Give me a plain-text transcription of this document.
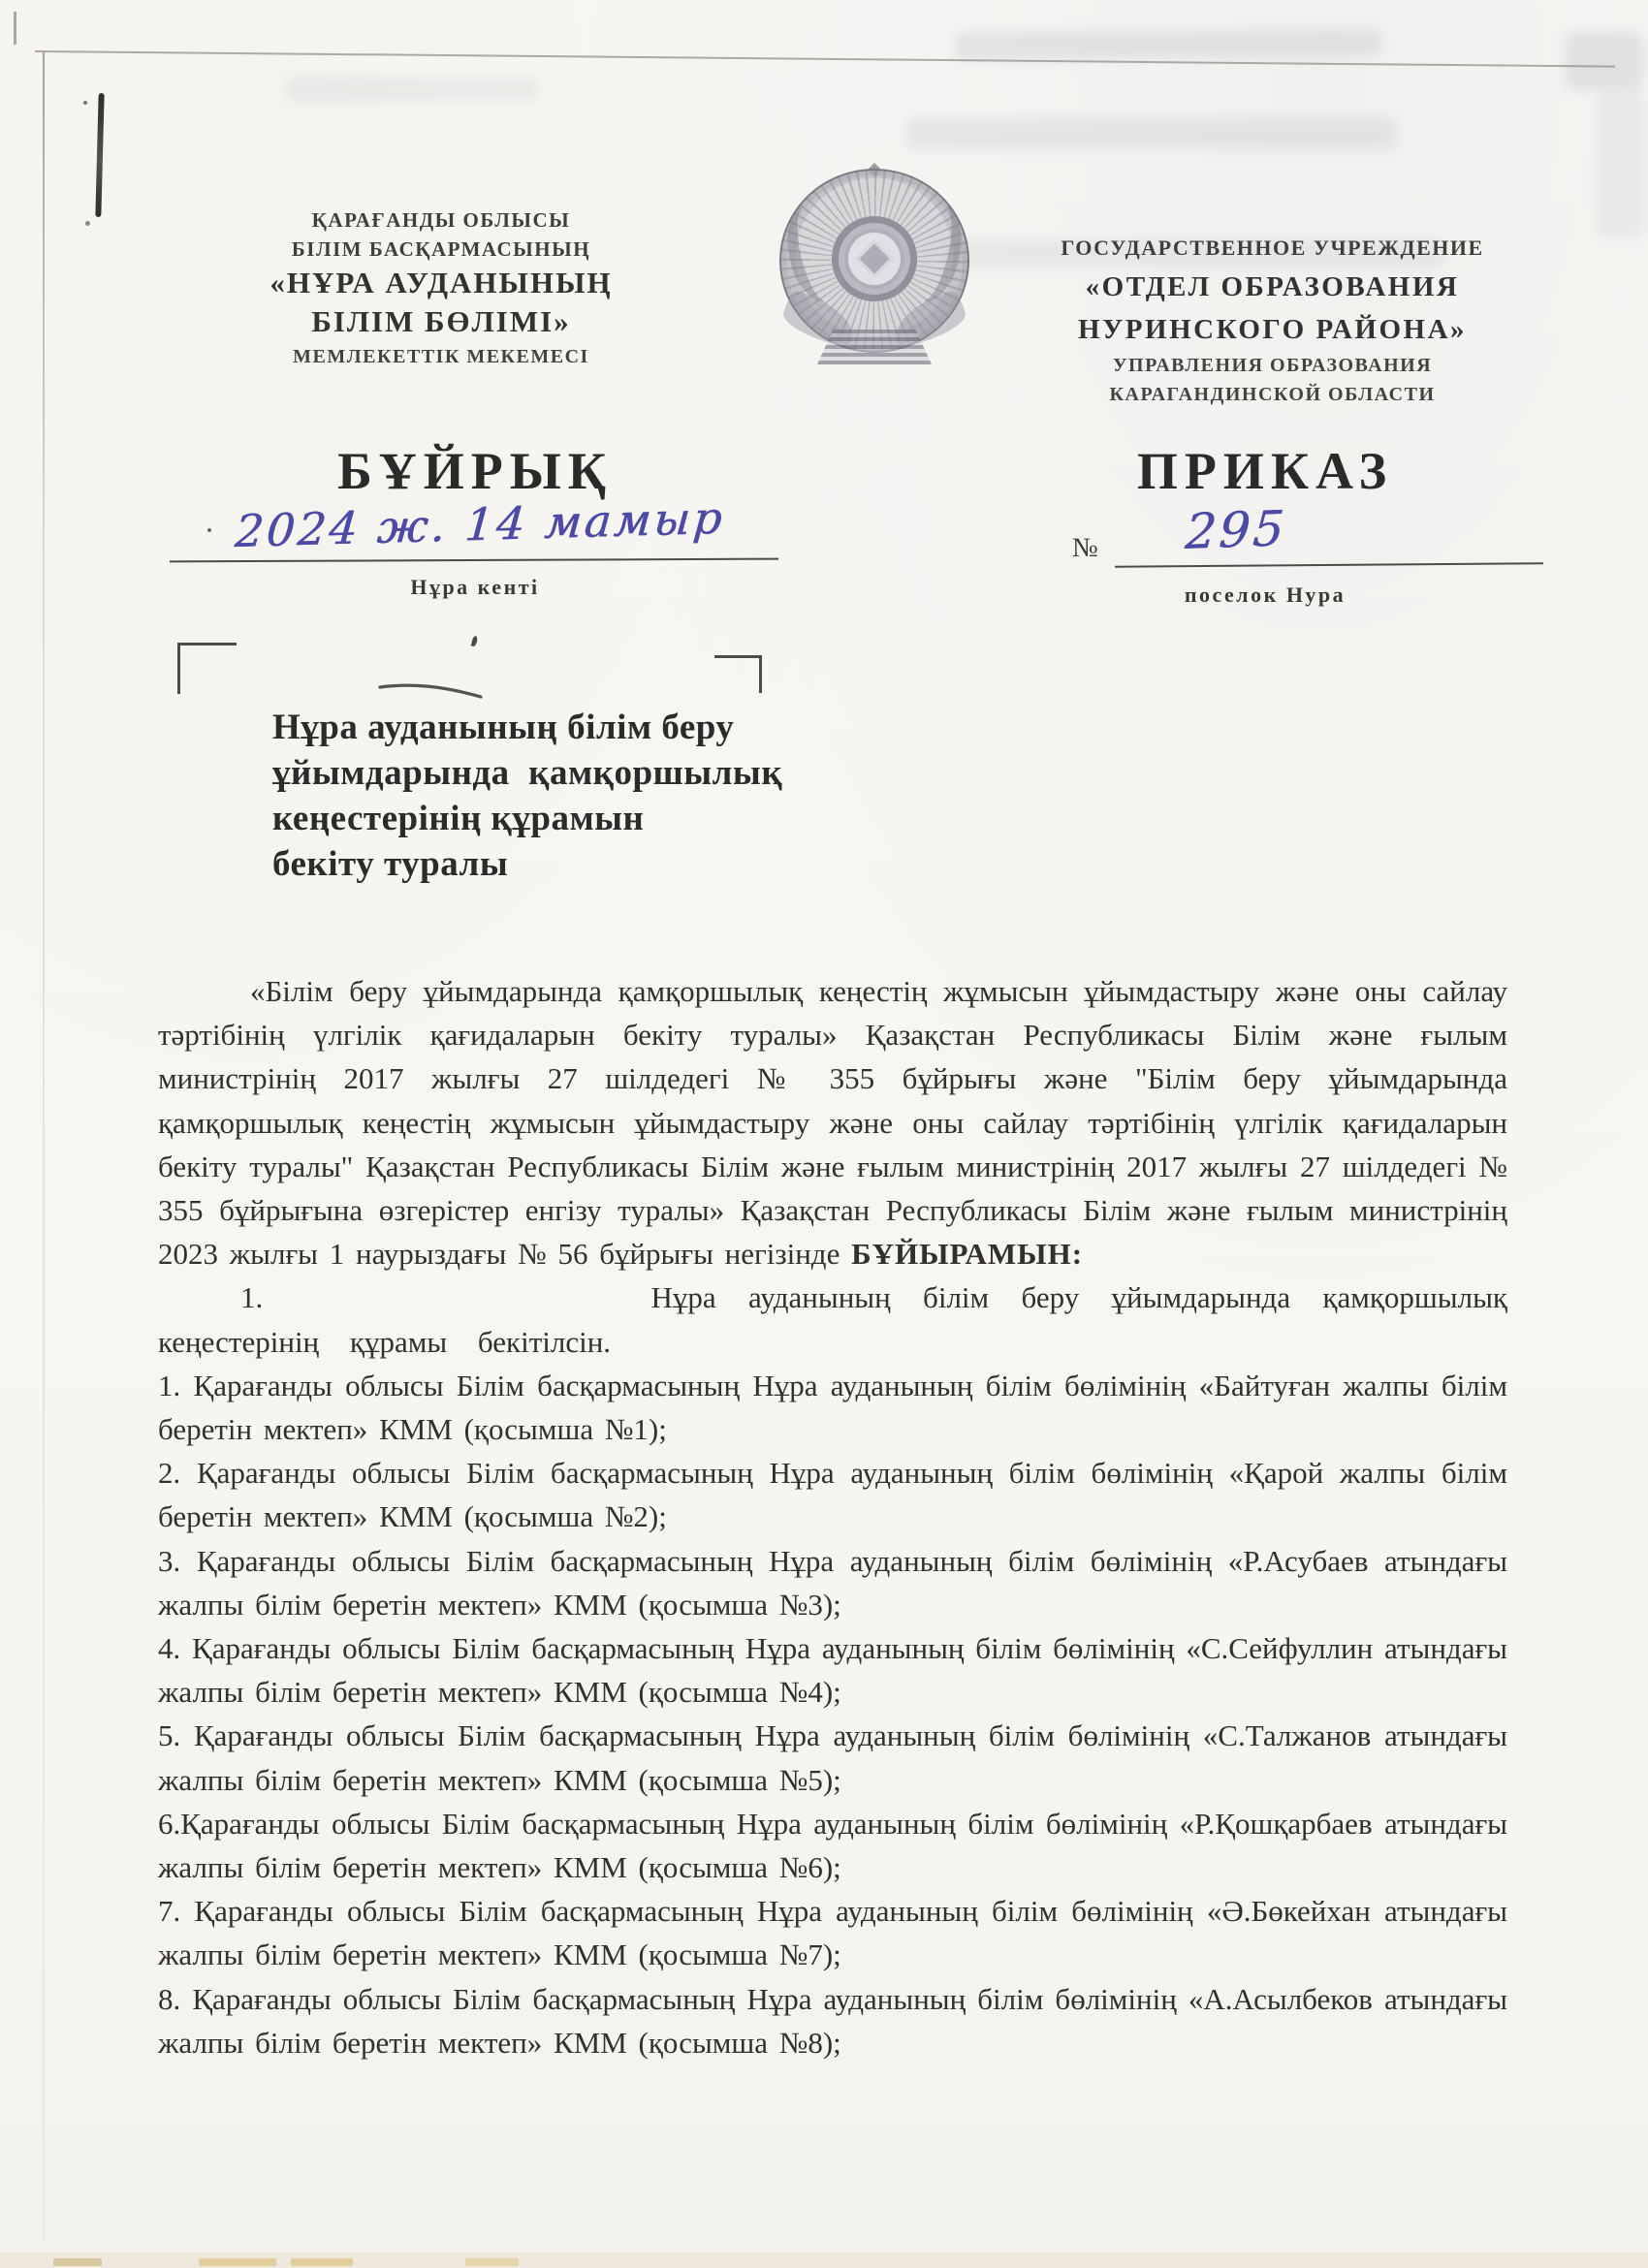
ҚАРАҒАНДЫ ОБЛЫСЫ
БІЛІМ БАСҚАРМАСЫНЫҢ
«НҰРА АУДАНЫНЫҢ
БІЛІМ БӨЛІМІ»
МЕМЛЕКЕТТІК МЕКЕМЕСІ
ГОСУДАРСТВЕННОЕ УЧРЕЖДЕНИЕ
«ОТДЕЛ ОБРАЗОВАНИЯ
НУРИНСКОГО РАЙОНА»
УПРАВЛЕНИЯ ОБРАЗОВАНИЯ
КАРАГАНДИНСКОЙ ОБЛАСТИ
БҰЙРЫҚ	ПРИКАЗ
2024 ж. 14 мамыр
Нұра кенті
№	295
поселок Нура
Нұра ауданының білім беру
ұйымдарында  қамқоршылық
кеңестерінің құрамын
бекіту туралы

«Білім беру ұйымдарында қамқоршылық кеңестің жұмысын ұйымдастыру және оны сайлау тәртібінің үлгілік қағидаларын бекіту туралы» Қазақстан Республикасы Білім және ғылым министрінің 2017 жылғы 27 шілдедегі № 355 бұйрығы және "Білім беру ұйымдарында қамқоршылық кеңестің жұмысын ұйымдастыру және оны сайлау тәртібінің үлгілік қағидаларын бекіту туралы" Қазақстан Республикасы Білім және ғылым министрінің 2017 жылғы 27 шілдедегі № 355 бұйрығына өзгерістер енгізу туралы» Қазақстан Республикасы Білім және ғылым министрінің 2023 жылғы 1 наурыздағы № 56 бұйрығы негізінде БҰЙЫРАМЫН:

1.            Нұра ауданының білім беру ұйымдарында қамқоршылық кеңестерінің құрамы бекітілсін.

1. Қарағанды облысы Білім басқармасының Нұра ауданының білім бөлімінің «Байтуған жалпы білім беретін мектеп» КММ (қосымша №1);

2. Қарағанды облысы Білім басқармасының Нұра ауданының білім бөлімінің «Қарой жалпы білім беретін мектеп» КММ (қосымша №2);

3. Қарағанды облысы Білім басқармасының Нұра ауданының білім бөлімінің «Р.Асубаев атындағы жалпы білім беретін мектеп» КММ (қосымша №3);

4. Қарағанды облысы Білім басқармасының Нұра ауданының білім бөлімінің «С.Сейфуллин атындағы жалпы білім беретін мектеп» КММ (қосымша №4);

5. Қарағанды облысы Білім басқармасының Нұра ауданының білім бөлімінің «С.Талжанов атындағы жалпы білім беретін мектеп» КММ (қосымша №5);

6.Қарағанды облысы Білім басқармасының Нұра ауданының білім бөлімінің «Р.Қошқарбаев атындағы жалпы білім беретін мектеп» КММ (қосымша №6);

7. Қарағанды облысы Білім басқармасының Нұра ауданының білім бөлімінің «Ә.Бөкейхан атындағы жалпы білім беретін мектеп» КММ (қосымша №7);

8. Қарағанды облысы Білім басқармасының Нұра ауданының білім бөлімінің «А.Асылбеков атындағы жалпы білім беретін мектеп» КММ (қосымша №8);
